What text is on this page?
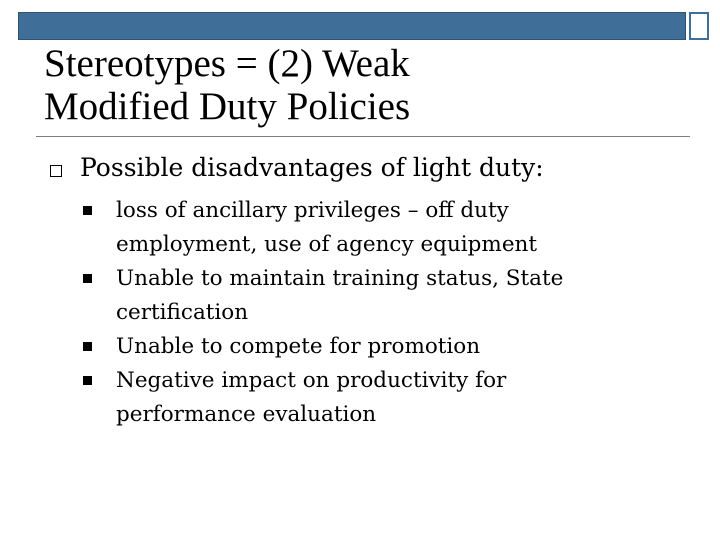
Stereotypes = (2) Weak
Modified Duty Policies

Possible disadvantages of light duty:

loss of ancillary privileges – off duty
employment, use of agency equipment
Unable to maintain training status, State
certification
Unable to compete for promotion
Negative impact on productivity for
performance evaluation
